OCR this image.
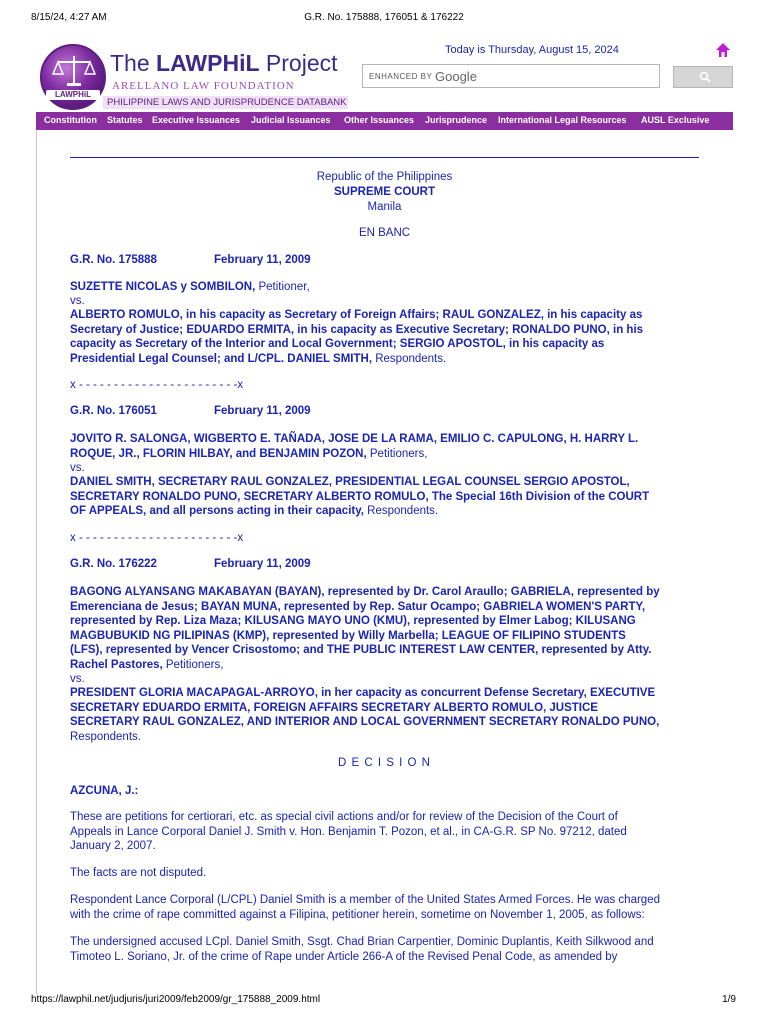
8/15/24, 4:27 AM	G.R. No. 175888, 176051 & 176222
https://lawphil.net/judjuris/juri2009/feb2009/gr_175888_2009.html	1/9
LAWPHiL
The LAWPHiL Project
ARELLANO LAW FOUNDATION
PHILIPPINE LAWS AND JURISPRUDENCE DATABANK
Today is Thursday, August 15, 2024
ENHANCED BY Google
Constitution Statutes Executive Issuances Judicial Issuances Other Issuances Jurisprudence International Legal Resources AUSL Exclusive
Republic of the Philippines
SUPREME COURT
Manila
EN BANC
G.R. No. 175888	February 11, 2009
SUZETTE NICOLAS y SOMBILON, Petitioner,
vs.
ALBERTO ROMULO, in his capacity as Secretary of Foreign Affairs; RAUL GONZALEZ, in his capacity as
Secretary of Justice; EDUARDO ERMITA, in his capacity as Executive Secretary; RONALDO PUNO, in his
capacity as Secretary of the Interior and Local Government; SERGIO APOSTOL, in his capacity as
Presidential Legal Counsel; and L/CPL. DANIEL SMITH, Respondents.
x - - - - - - - - - - - - - - - - - - - - - - -x
G.R. No. 176051	February 11, 2009
JOVITO R. SALONGA, WIGBERTO E. TAÑADA, JOSE DE LA RAMA, EMILIO C. CAPULONG, H. HARRY L.
ROQUE, JR., FLORIN HILBAY, and BENJAMIN POZON, Petitioners,
vs.
DANIEL SMITH, SECRETARY RAUL GONZALEZ, PRESIDENTIAL LEGAL COUNSEL SERGIO APOSTOL,
SECRETARY RONALDO PUNO, SECRETARY ALBERTO ROMULO, The Special 16th Division of the COURT
OF APPEALS, and all persons acting in their capacity, Respondents.
x - - - - - - - - - - - - - - - - - - - - - - -x
G.R. No. 176222	February 11, 2009
BAGONG ALYANSANG MAKABAYAN (BAYAN), represented by Dr. Carol Araullo; GABRIELA, represented by
Emerenciana de Jesus; BAYAN MUNA, represented by Rep. Satur Ocampo; GABRIELA WOMEN'S PARTY,
represented by Rep. Liza Maza; KILUSANG MAYO UNO (KMU), represented by Elmer Labog; KILUSANG
MAGBUBUKID NG PILIPINAS (KMP), represented by Willy Marbella; LEAGUE OF FILIPINO STUDENTS
(LFS), represented by Vencer Crisostomo; and THE PUBLIC INTEREST LAW CENTER, represented by Atty.
Rachel Pastores, Petitioners,
vs.
PRESIDENT GLORIA MACAPAGAL-ARROYO, in her capacity as concurrent Defense Secretary, EXECUTIVE
SECRETARY EDUARDO ERMITA, FOREIGN AFFAIRS SECRETARY ALBERTO ROMULO, JUSTICE
SECRETARY RAUL GONZALEZ, AND INTERIOR AND LOCAL GOVERNMENT SECRETARY RONALDO PUNO,
Respondents.
D E C I S I O N
AZCUNA, J.:
These are petitions for certiorari, etc. as special civil actions and/or for review of the Decision of the Court of
Appeals in Lance Corporal Daniel J. Smith v. Hon. Benjamin T. Pozon, et al., in CA-G.R. SP No. 97212, dated
January 2, 2007.
The facts are not disputed.
Respondent Lance Corporal (L/CPL) Daniel Smith is a member of the United States Armed Forces. He was charged
with the crime of rape committed against a Filipina, petitioner herein, sometime on November 1, 2005, as follows:
The undersigned accused LCpl. Daniel Smith, Ssgt. Chad Brian Carpentier, Dominic Duplantis, Keith Silkwood and
Timoteo L. Soriano, Jr. of the crime of Rape under Article 266-A of the Revised Penal Code, as amended by
